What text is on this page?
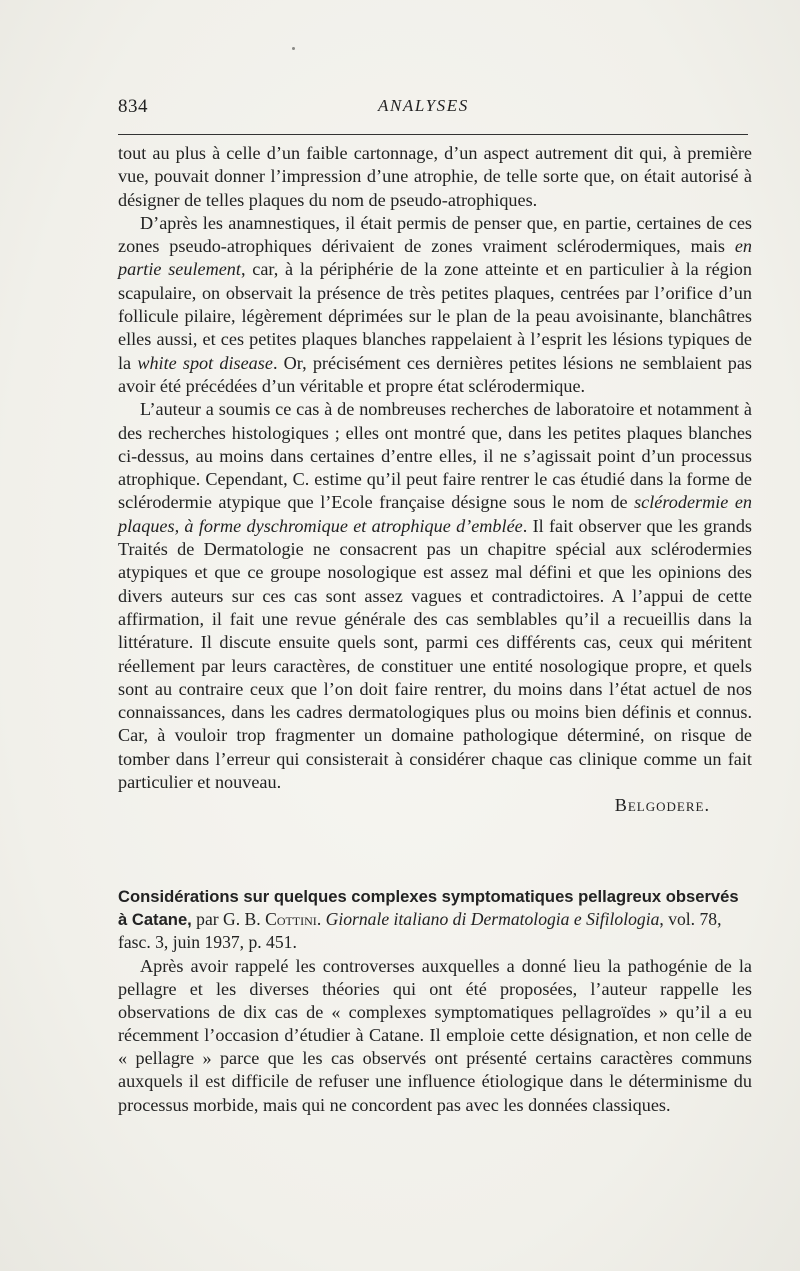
834	ANALYSES

tout au plus à celle d’un faible cartonnage, d’un aspect autrement dit qui, à première vue, pouvait donner l’impression d’une atrophie, de telle sorte que, on était autorisé à désigner de telles plaques du nom de pseudo-atrophiques.

D’après les anamnestiques, il était permis de penser que, en partie, certaines de ces zones pseudo-atrophiques dérivaient de zones vraiment sclérodermiques, mais en partie seulement, car, à la périphérie de la zone atteinte et en particulier à la région scapulaire, on observait la présence de très petites plaques, centrées par l’orifice d’un follicule pilaire, légèrement déprimées sur le plan de la peau avoisinante, blanchâtres elles aussi, et ces petites plaques blanches rappelaient à l’esprit les lésions typiques de la white spot disease. Or, précisément ces dernières petites lésions ne semblaient pas avoir été précédées d’un véritable et propre état sclérodermique.

L’auteur a soumis ce cas à de nombreuses recherches de laboratoire et notamment à des recherches histologiques ; elles ont montré que, dans les petites plaques blanches ci-dessus, au moins dans certaines d’entre elles, il ne s’agissait point d’un processus atrophique. Cependant, C. estime qu’il peut faire rentrer le cas étudié dans la forme de sclérodermie atypique que l’Ecole française désigne sous le nom de sclérodermie en plaques, à forme dyschromique et atrophique d’emblée. Il fait observer que les grands Traités de Dermatologie ne consacrent pas un chapitre spécial aux sclérodermies atypiques et que ce groupe nosologique est assez mal défini et que les opinions des divers auteurs sur ces cas sont assez vagues et contradictoires. A l’appui de cette affirmation, il fait une revue générale des cas semblables qu’il a recueillis dans la littérature. Il discute ensuite quels sont, parmi ces différents cas, ceux qui méritent réellement par leurs caractères, de constituer une entité nosologique propre, et quels sont au contraire ceux que l’on doit faire rentrer, du moins dans l’état actuel de nos connaissances, dans les cadres dermatologiques plus ou moins bien définis et connus. Car, à vouloir trop fragmenter un domaine pathologique déterminé, on risque de tomber dans l’erreur qui consisterait à considérer chaque cas clinique comme un fait particulier et nouveau.
Belgodere.

Considérations sur quelques complexes symptomatiques pellagreux observés à Catane, par G. B. Cottini. Giornale italiano di Dermatologia e Sifilologia, vol. 78, fasc. 3, juin 1937, p. 451.

Après avoir rappelé les controverses auxquelles a donné lieu la pathogénie de la pellagre et les diverses théories qui ont été proposées, l’auteur rappelle les observations de dix cas de « complexes symptomatiques pellagroïdes » qu’il a eu récemment l’occasion d’étudier à Catane. Il emploie cette désignation, et non celle de « pellagre » parce que les cas observés ont présenté certains caractères communs auxquels il est difficile de refuser une influence étiologique dans le déterminisme du processus morbide, mais qui ne concordent pas avec les données classiques.
